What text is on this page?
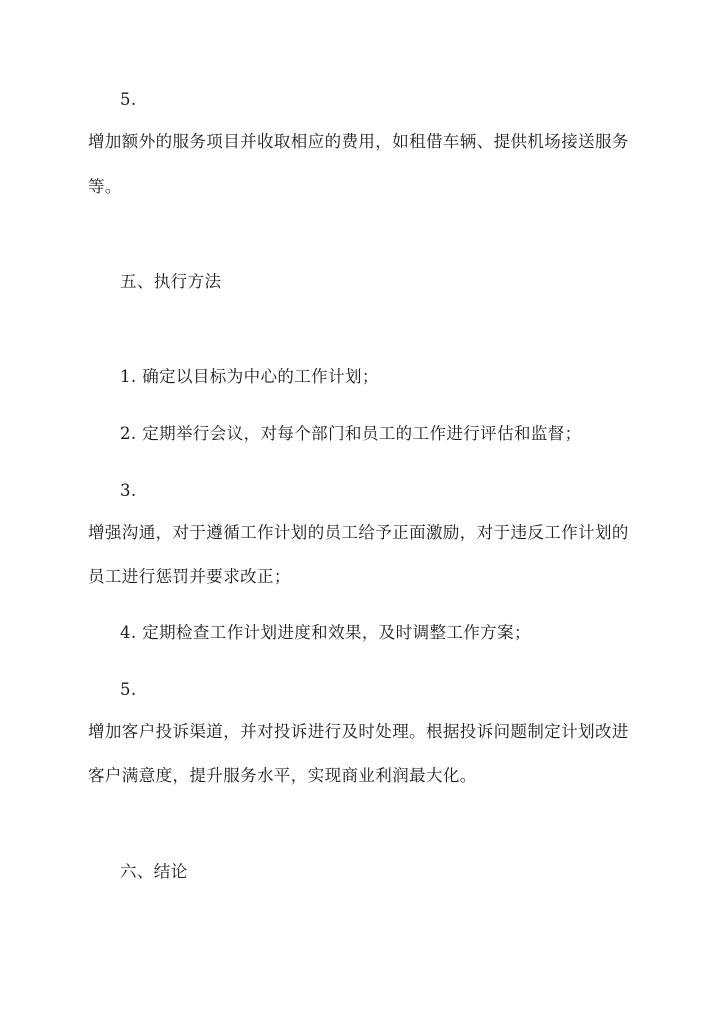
5.
增加额外的服务项目并收取相应的费用，如租借车辆、提供机场接送服务
等。
五、执行方法
1. 确定以目标为中心的工作计划；
2. 定期举行会议，对每个部门和员工的工作进行评估和监督；
3.
增强沟通，对于遵循工作计划的员工给予正面激励，对于违反工作计划的
员工进行惩罚并要求改正；
4. 定期检查工作计划进度和效果，及时调整工作方案；
5.
增加客户投诉渠道，并对投诉进行及时处理。根据投诉问题制定计划改进
客户满意度，提升服务水平，实现商业利润最大化。
六、结论
